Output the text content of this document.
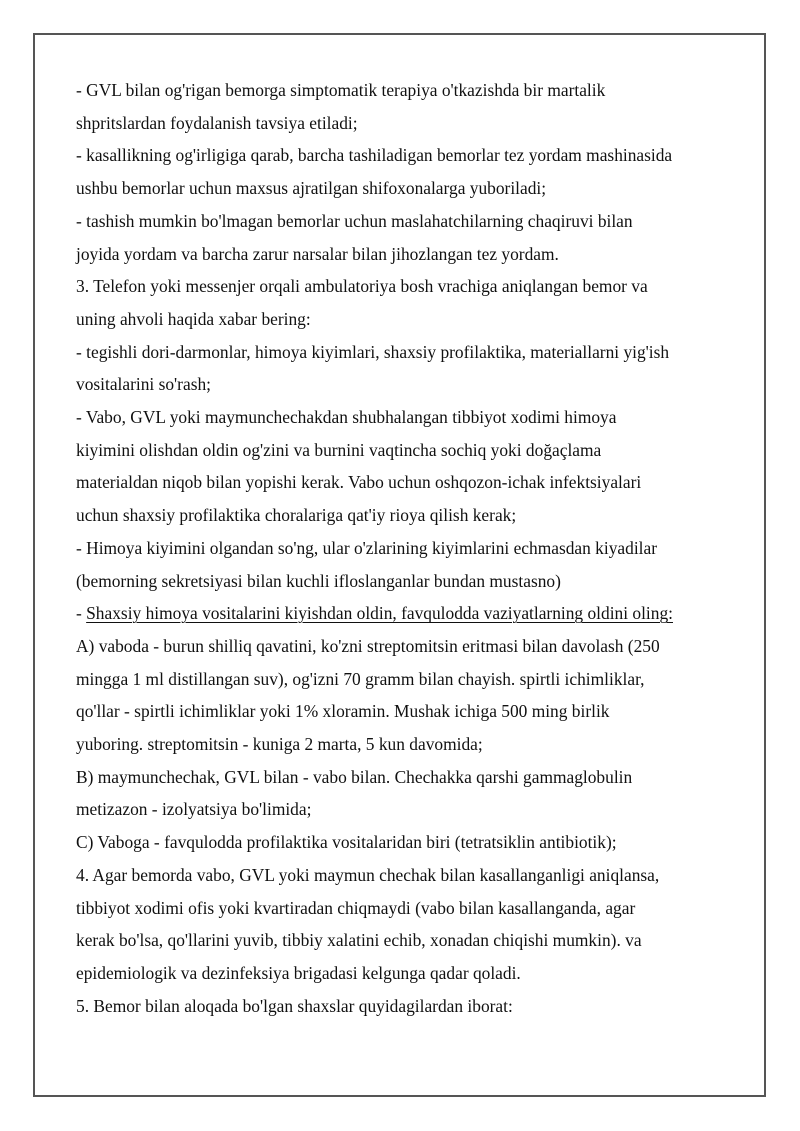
- GVL bilan og'rigan bemorga simptomatik terapiya o'tkazishda bir martalik
shpritslardan foydalanish tavsiya etiladi;
- kasallikning og'irligiga qarab, barcha tashiladigan bemorlar tez yordam mashinasida
ushbu bemorlar uchun maxsus ajratilgan shifoxonalarga yuboriladi;
- tashish mumkin bo'lmagan bemorlar uchun maslahatchilarning chaqiruvi bilan
joyida yordam va barcha zarur narsalar bilan jihozlangan tez yordam.
3. Telefon yoki messenjer orqali ambulatoriya bosh vrachiga aniqlangan bemor va
uning ahvoli haqida xabar bering:
- tegishli dori-darmonlar, himoya kiyimlari, shaxsiy profilaktika, materiallarni yig'ish
vositalarini so'rash;
- Vabo, GVL yoki maymunchechakdan shubhalangan tibbiyot xodimi himoya
kiyimini olishdan oldin og'zini va burnini vaqtincha sochiq yoki doğaçlama
materialdan niqob bilan yopishi kerak. Vabo uchun oshqozon-ichak infektsiyalari
uchun shaxsiy profilaktika choralariga qat'iy rioya qilish kerak;
- Himoya kiyimini olgandan so'ng, ular o'zlarining kiyimlarini echmasdan kiyadilar
(bemorning sekretsiyasi bilan kuchli ifloslanganlar bundan mustasno)
- Shaxsiy himoya vositalarini kiyishdan oldin, favqulodda vaziyatlarning oldini oling:
A) vaboda - burun shilliq qavatini, ko'zni streptomitsin eritmasi bilan davolash (250
mingga 1 ml distillangan suv), og'izni 70 gramm bilan chayish. spirtli ichimliklar,
qo'llar - spirtli ichimliklar yoki 1% xloramin. Mushak ichiga 500 ming birlik
yuboring. streptomitsin - kuniga 2 marta, 5 kun davomida;
B) maymunchechak, GVL bilan - vabo bilan. Chechakka qarshi gammaglobulin
metizazon - izolyatsiya bo'limida;
C) Vaboga - favqulodda profilaktika vositalaridan biri (tetratsiklin antibiotik);
4. Agar bemorda vabo, GVL yoki maymun chechak bilan kasallanganligi aniqlansa,
tibbiyot xodimi ofis yoki kvartiradan chiqmaydi (vabo bilan kasallanganda, agar
kerak bo'lsa, qo'llarini yuvib, tibbiy xalatini echib, xonadan chiqishi mumkin). va
epidemiologik va dezinfeksiya brigadasi kelgunga qadar qoladi.
5. Bemor bilan aloqada bo'lgan shaxslar quyidagilardan iborat:
